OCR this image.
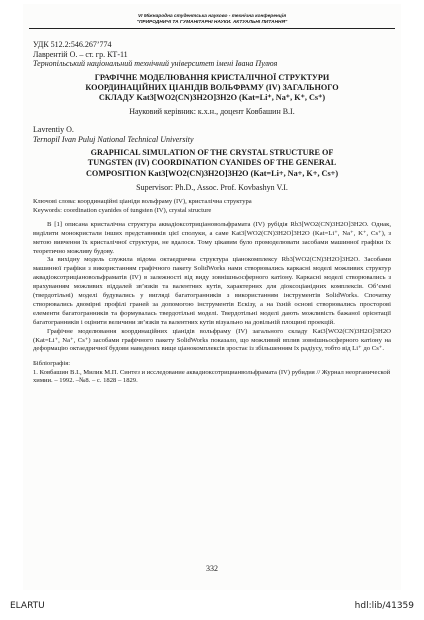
VI Міжнародна студентська науково - технічна конференція
"ПРИРОДНИЧІ ТА ГУМАНІТАРНІ НАУКИ. АКТУАЛЬНІ ПИТАННЯ"
УДК 512.2:546.267’774
Лаврентій О. – ст. гр. КТ-11
Тернопільський національний технічний університет імені Івана Пулюя
ГРАФІЧНЕ МОДЕЛЮВАННЯ КРИСТАЛІЧНОЇ СТРУКТУРИ
КООРДИНАЦІЙНИХ ЦІАНІДІВ ВОЛЬФРАМУ (IV) ЗАГАЛЬНОГО
СКЛАДУ Kat3[WO2(CN)3H2O]3H2O (Kat=Li⁺, Na⁺, K⁺, Cs⁺)
Науковий керівник: к.х.н., доцент Ковбашин В.І.
Lavrentiy O.
Ternopil Ivan Puluj National Technical University
GRAPHICAL SIMULATION OF THE CRYSTAL STRUCTURE OF
TUNGSTEN (IV) COORDINATION CYANIDES OF THE GENERAL
COMPOSITION Kat3[WO2(CN)3H2O]3H2O (Kat=Li+, Na+, K+, Cs+)
Supervisor: Ph.D., Assoc. Prof. Kovbashyn V.I.
Ключові слова: координаційні ціаніди вольфраму (IV), кристалічна структура
Keywords: coordination cyanides of tungsten (IV), crystal structure
В [1] описана кристалічна структура аквадіоксотриціановольфрамата (IV) рубідія Rb3[WO2(CN)3H2O]3H2O. Однак, виділити монокристали інших представників цієї сполуки, а саме Kat3[WO2(CN)3H2O]3H2O (Kat=Li⁺, Na⁺, K⁺, Cs⁺), з метою вивчення їх кристалічної структури, не вдалося. Тому цікавим було промоделювати засобами машинної графіки їх теоретично можливу будову.
За вихідну модель служила відома октаедрична структура ціанокомплексу Rb3[WO2(CN)3H2O]3H2O. Засобами машинної графіки з використанням графічного пакету SolidWorks нами створювались каркасні моделі можливих структур аквадіоксотриціановольфраматів (IV) в залежності від виду зовнішньосферного катіону. Каркасні моделі створювались з врахуванням можливих віддалей зв’язків та валентних кутів, характерних для діоксоціанідних комплексів. Об’ємні (твердотільні) моделі будувались у вигляді багатогранників з використанням інструментів SolidWorks. Спочатку створювались двомірні профілі граней за допомогою інструментів Ескізу, а на їхній основі створювались просторові елементи багатогранників та формувалась твердотільні моделі. Твердотільні моделі дають можливість бажаної орієнтації багатогранників і оцінити величини зв’язків та валентних кутів візуально на довільній площині проекцій.
Графічне моделювання координаційних ціанідів вольфраму (IV) загального складу Kat3[WO2(CN)3H2O]3H2O (Kat=Li⁺, Na⁺, Cs⁺) засобами графічного пакету SolidWorks показало, що можливий вплив зовнішньосферного катіону на деформацію октаедричної будови наведених вище ціанокомплексів зростає із збільшенням їх радіусу, тобто від Li⁺ до Cs⁺.
Бібліографія:
1. Ковбашин В.І., Милик М.П. Синтез и исследование аквадиоксотрицианвольфрамата (IV) рубидия // Журнал неорганической химии. – 1992. –№8. – с. 1828 – 1829.
332
ELARTU	hdl:lib/41359
